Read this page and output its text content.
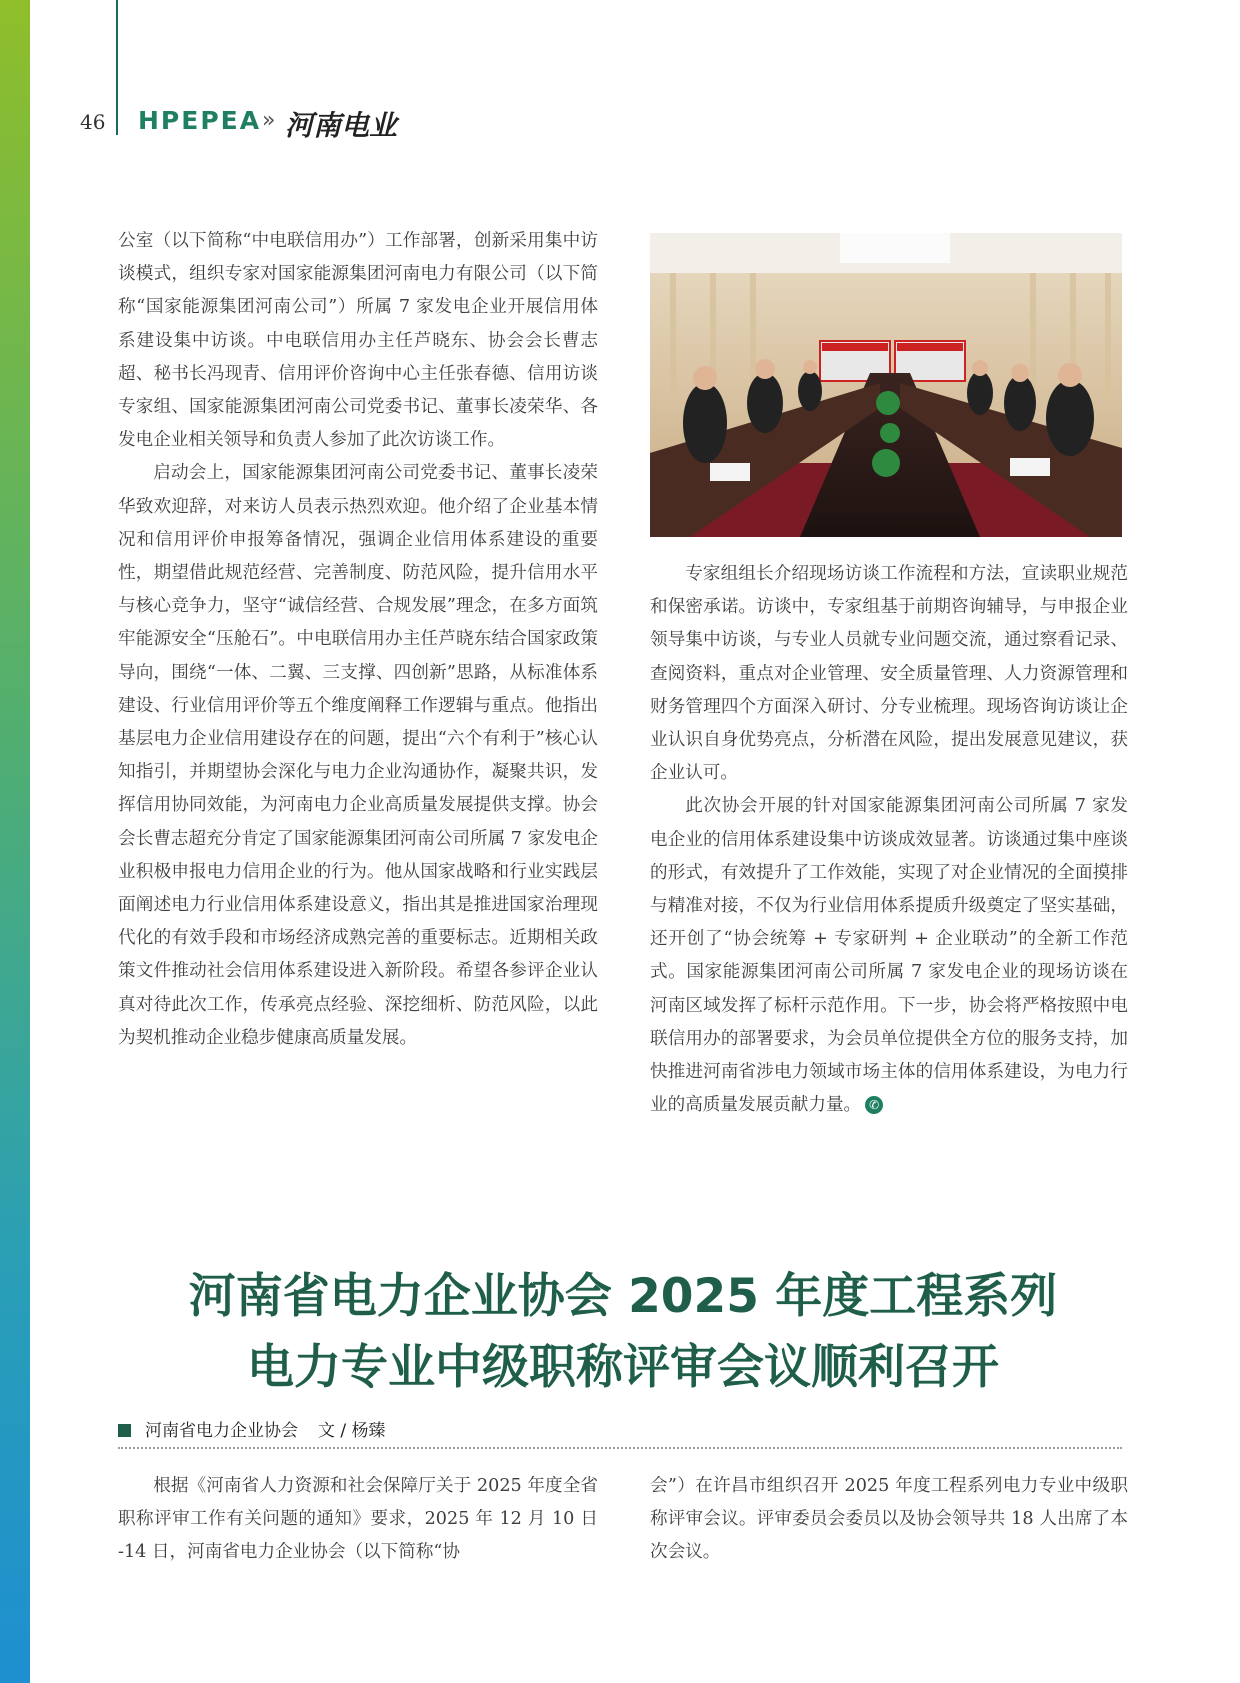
46 HPEPEA » 河南电业

公室（以下简称“中电联信用办”）工作部署，创新采用集中访谈模式，组织专家对国家能源集团河南电力有限公司（以下简称“国家能源集团河南公司”）所属 7 家发电企业开展信用体系建设集中访谈。中电联信用办主任芦晓东、协会会长曹志超、秘书长冯现青、信用评价咨询中心主任张春德、信用访谈专家组、国家能源集团河南公司党委书记、董事长凌荣华、各发电企业相关领导和负责人参加了此次访谈工作。

启动会上，国家能源集团河南公司党委书记、董事长凌荣华致欢迎辞，对来访人员表示热烈欢迎。他介绍了企业基本情况和信用评价申报筹备情况，强调企业信用体系建设的重要性，期望借此规范经营、完善制度、防范风险，提升信用水平与核心竞争力，坚守“诚信经营、合规发展”理念，在多方面筑牢能源安全“压舱石”。中电联信用办主任芦晓东结合国家政策导向，围绕“一体、二翼、三支撑、四创新”思路，从标准体系建设、行业信用评价等五个维度阐释工作逻辑与重点。他指出基层电力企业信用建设存在的问题，提出“六个有利于”核心认知指引，并期望协会深化与电力企业沟通协作，凝聚共识，发挥信用协同效能，为河南电力企业高质量发展提供支撑。协会会长曹志超充分肯定了国家能源集团河南公司所属 7 家发电企业积极申报电力信用企业的行为。他从国家战略和行业实践层面阐述电力行业信用体系建设意义，指出其是推进国家治理现代化的有效手段和市场经济成熟完善的重要标志。近期相关政策文件推动社会信用体系建设进入新阶段。希望各参评企业认真对待此次工作，传承亮点经验、深挖细析、防范风险，以此为契机推动企业稳步健康高质量发展。

专家组组长介绍现场访谈工作流程和方法，宣读职业规范和保密承诺。访谈中，专家组基于前期咨询辅导，与申报企业领导集中访谈，与专业人员就专业问题交流，通过察看记录、查阅资料，重点对企业管理、安全质量管理、人力资源管理和财务管理四个方面深入研讨、分专业梳理。现场咨询访谈让企业认识自身优势亮点，分析潜在风险，提出发展意见建议，获企业认可。

此次协会开展的针对国家能源集团河南公司所属 7 家发电企业的信用体系建设集中访谈成效显著。访谈通过集中座谈的形式，有效提升了工作效能，实现了对企业情况的全面摸排与精准对接，不仅为行业信用体系提质升级奠定了坚实基础，还开创了“协会统筹 + 专家研判 + 企业联动”的全新工作范式。国家能源集团河南公司所属 7 家发电企业的现场访谈在河南区域发挥了标杆示范作用。下一步，协会将严格按照中电联信用办的部署要求，为会员单位提供全方位的服务支持，加快推进河南省涉电力领域市场主体的信用体系建设，为电力行业的高质量发展贡献力量。 ✆

河南省电力企业协会 2025 年度工程系列
电力专业中级职称评审会议顺利召开
河南省电力企业协会 文 / 杨臻

根据《河南省人力资源和社会保障厅关于 2025 年度全省职称评审工作有关问题的通知》要求，2025 年 12 月 10 日 -14 日，河南省电力企业协会（以下简称“协

会”）在许昌市组织召开 2025 年度工程系列电力专业中级职称评审会议。评审委员会委员以及协会领导共 18 人出席了本次会议。
